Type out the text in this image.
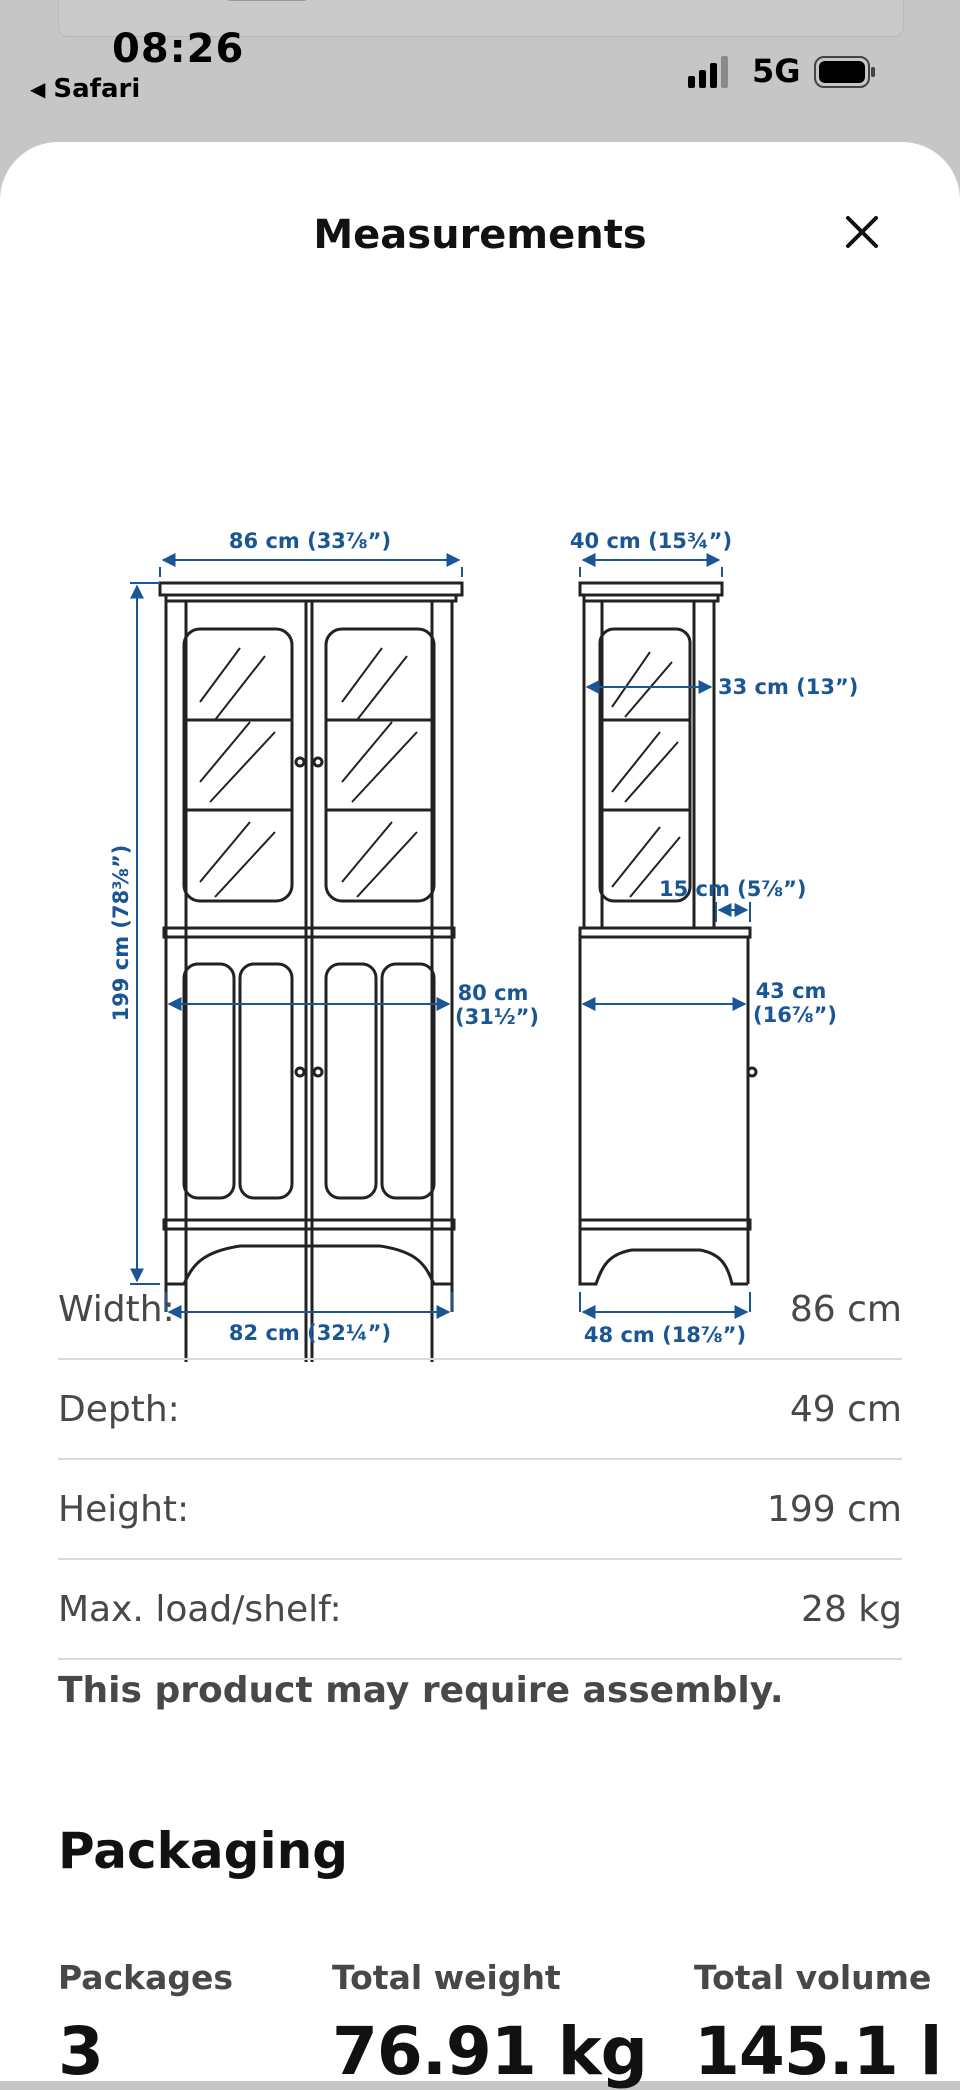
08:26
◀ Safari	5G
Measurements
86 cm (33⅞”)
199 cm (78⅜”)	80 cm
(31½”)
82 cm (32¼”)
40 cm (15¾”)
33 cm (13”)
15 cm (5⅞”)
43 cm
(16⅞”)
48 cm (18⅞”)
Width:	86 cm
Depth:	49 cm
Height:	199 cm
Max. load/shelf:	28 kg
This product may require assembly.
Packaging
Packages
3
Total weight
76.91 kg
Total volume
145.1 l
